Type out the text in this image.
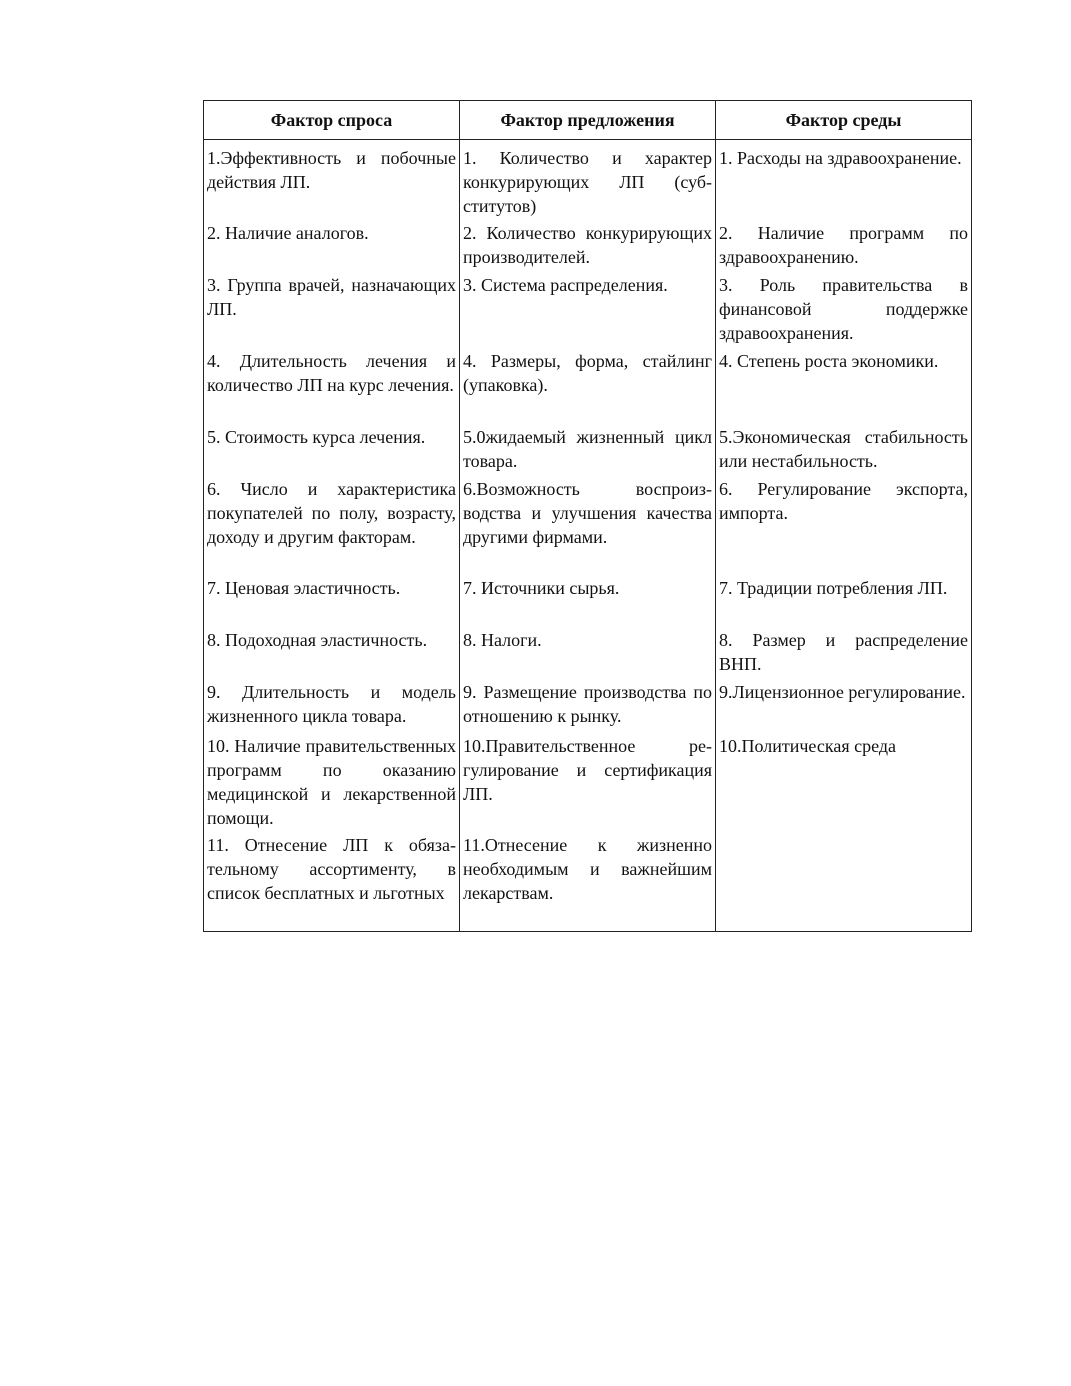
Фактор спроса	Фактор предложения	Фактор среды
1.Эффективность и побочные действия ЛП.	1. Количество и характер конкурирующих ЛП (субститутов)	1. Расходы на здравоохранение.
2. Наличие аналогов.	2. Количество конкурирующих производителей.	2. Наличие программ по здравоохранению.
3. Группа врачей, назначающих ЛП.	3. Система распределения.	3. Роль правительства в финансовой поддержке здравоохранения.
4. Длительность лечения и количество ЛП на курс лечения.	4. Размеры, форма, стайлинг (упаковка).	4. Степень роста экономики.
5. Стоимость курса лечения.	5.0жидаемый жизненный цикл товара.	5.Экономическая стабильность или нестабильность.
6. Число и характеристика покупателей по полу, возрасту, доходу и другим факторам.	6.Возможность воспроизводства и улучшения качества другими фирмами.	6. Регулирование экспорта, импорта.
7. Ценовая эластичность.	7. Источники сырья.	7. Традиции потребления ЛП.
8. Подоходная эластичность.	8. Налоги.	8. Размер и распределение ВНП.
9. Длительность и модель жизненного цикла товара.	9. Размещение производства по отношению к рынку.	9.Лицензионное регулирование.
10. Наличие правительственных программ по оказанию медицинской и лекарственной помощи.	10.Правительственное регулирование и сертификация ЛП.	10.Политическая среда
11. Отнесение ЛП к обязательному ассортименту, в список бесплатных и льготных	11.Отнесение к жизненно необходимым и важнейшим лекарствам.	
